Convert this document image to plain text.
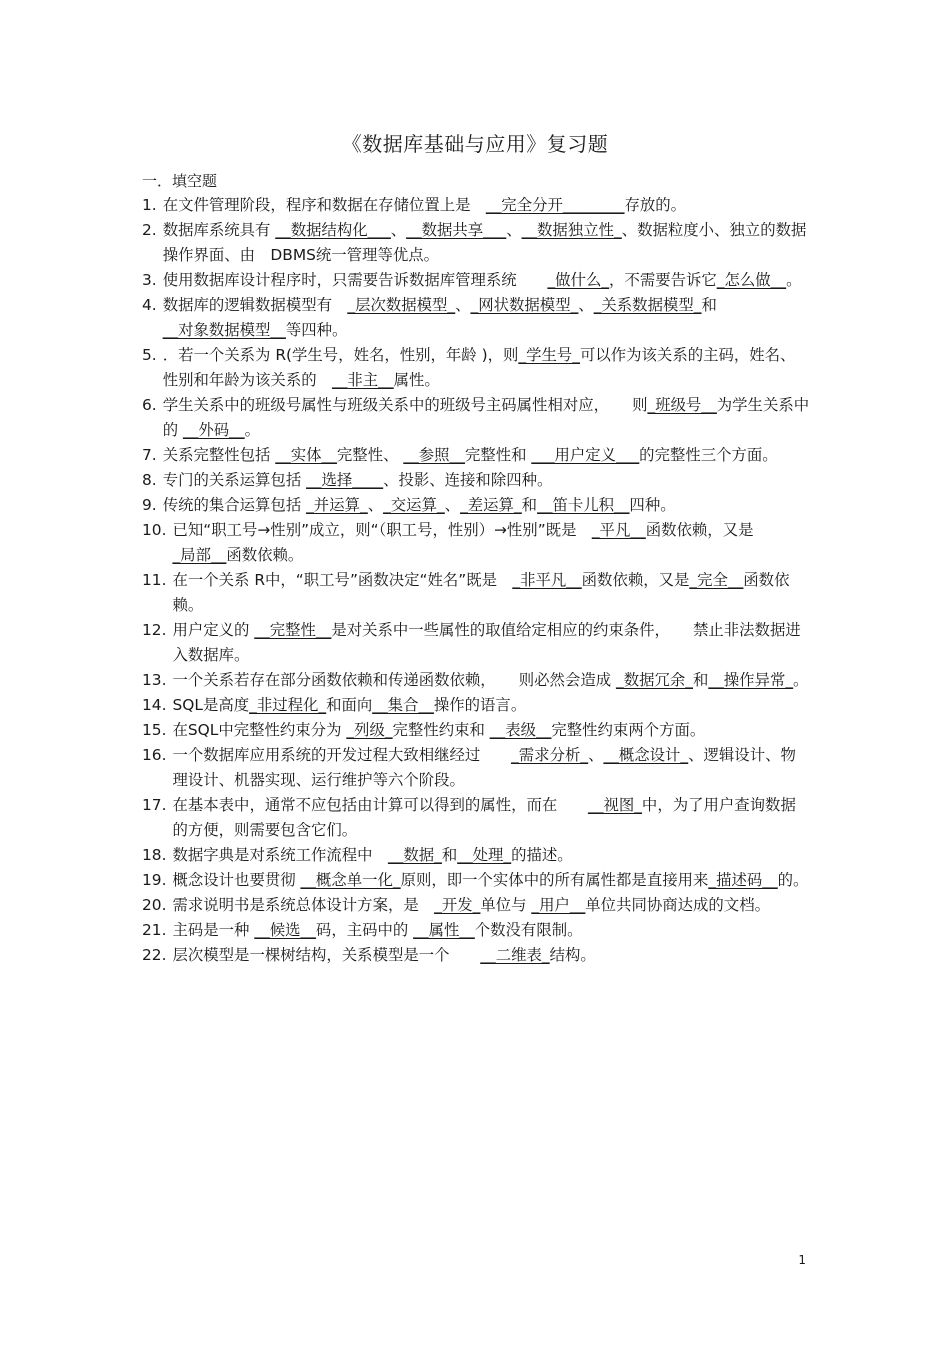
《数据库基础与应用》复习题
一．填空题
1. 在文件管理阶段，程序和数据在存储位置上是　__完全分开________存放的。
2. 数据库系统具有 __数据结构化___、__数据共享___、__数据独立性_、数据粒度小、独立的数据操作界面、由　DBMS统一管理等优点。
3. 使用数据库设计程序时，只需要告诉数据库管理系统　　_做什么_，不需要告诉它_怎么做__。
4. 数据库的逻辑数据模型有　_层次数据模型_、_网状数据模型_、_关系数据模型_和__对象数据模型__等四种。
5. ．若一个关系为 R(学生号，姓名，性别，年龄 )，则_学生号_可以作为该关系的主码，姓名、性别和年龄为该关系的　__非主__属性。
6. 学生关系中的班级号属性与班级关系中的班级号主码属性相对应，　　则_班级号__为学生关系中的 __外码__。
7. 关系完整性包括 __实体__完整性、 __参照__完整性和 ___用户定义___的完整性三个方面。
8. 专门的关系运算包括 __选择____、投影、连接和除四种。
9. 传统的集合运算包括 _并运算_、_交运算_、_差运算_和__笛卡儿积__四种。
10. 已知“职工号→性别”成立，则“（职工号，性别）→性别”既是　_平凡__函数依赖，又是 _局部__函数依赖。
11. 在一个关系 R中，“职工号”函数决定“姓名”既是　_非平凡__函数依赖，又是_完全__函数依赖。
12. 用户定义的 __完整性__是对关系中一些属性的取值给定相应的约束条件，　　禁止非法数据进入数据库。
13. 一个关系若存在部分函数依赖和传递函数依赖，　　则必然会造成 _数据冗余_和__操作异常_。
14. SQL是高度_非过程化_和面向__集合__操作的语言。
15. 在SQL中完整性约束分为 _列级_完整性约束和 __表级__完整性约束两个方面。
16. 一个数据库应用系统的开发过程大致相继经过　　_需求分析_、__概念设计_、逻辑设计、物理设计、机器实现、运行维护等六个阶段。
17. 在基本表中，通常不应包括由计算可以得到的属性，而在　　__视图_中，为了用户查询数据的方便，则需要包含它们。
18. 数据字典是对系统工作流程中　__数据_和__处理_的描述。
19. 概念设计也要贯彻 __概念单一化_原则，即一个实体中的所有属性都是直接用来_描述码__的。
20. 需求说明书是系统总体设计方案，是　_开发_单位与 _用户__单位共同协商达成的文档。
21. 主码是一种 __候选__码，主码中的 __属性__个数没有限制。
22. 层次模型是一棵树结构，关系模型是一个　　__二维表_结构。
1
